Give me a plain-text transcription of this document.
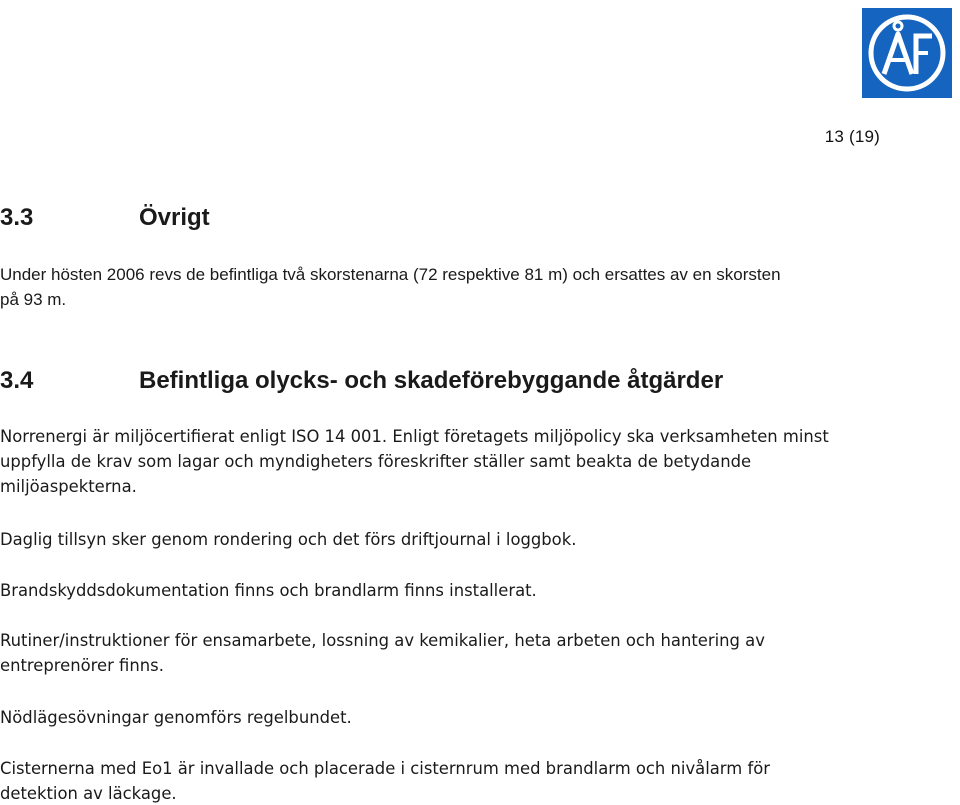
13 (19)
3.3	Övrigt
Under hösten 2006 revs de befintliga två skorstenarna (72 respektive 81 m) och ersattes av en skorsten på 93 m.
3.4	Befintliga olycks- och skadeförebyggande åtgärder
Norrenergi är miljöcertifierat enligt ISO 14 001. Enligt företagets miljöpolicy ska verksamheten minst uppfylla de krav som lagar och myndigheters föreskrifter ställer samt beakta de betydande miljöaspekterna.
Daglig tillsyn sker genom rondering och det förs driftjournal i loggbok.
Brandskyddsdokumentation finns och brandlarm finns installerat.
Rutiner/instruktioner för ensamarbete, lossning av kemikalier, heta arbeten och hantering av entreprenörer finns.
Nödlägesövningar genomförs regelbundet.
Cisternerna med Eo1 är invallade och placerade i cisternrum med brandlarm och nivålarm för detektion av läckage.
